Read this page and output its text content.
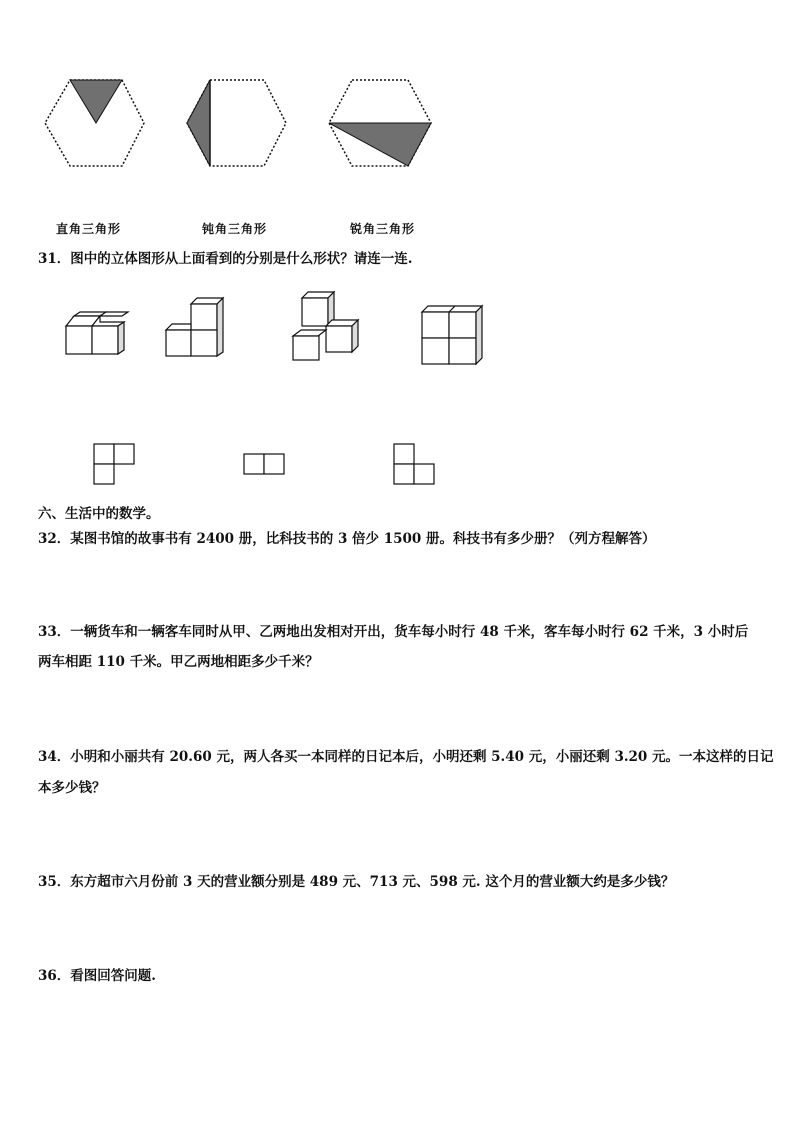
直角三角形	钝角三角形	锐角三角形
31．图中的立体图形从上面看到的分别是什么形状？请连一连.
六、生活中的数学。
32．某图书馆的故事书有 2400 册，比科技书的 3 倍少 1500 册。科技书有多少册？（列方程解答）
33．一辆货车和一辆客车同时从甲、乙两地出发相对开出，货车每小时行 48 千米，客车每小时行 62 千米，3 小时后
两车相距 110 千米。甲乙两地相距多少千米？
34．小明和小丽共有 20.60 元，两人各买一本同样的日记本后，小明还剩 5.40 元，小丽还剩 3.20 元。一本这样的日记
本多少钱？
35．东方超市六月份前 3 天的营业额分别是 489 元、713 元、598 元. 这个月的营业额大约是多少钱？
36．看图回答问题.
